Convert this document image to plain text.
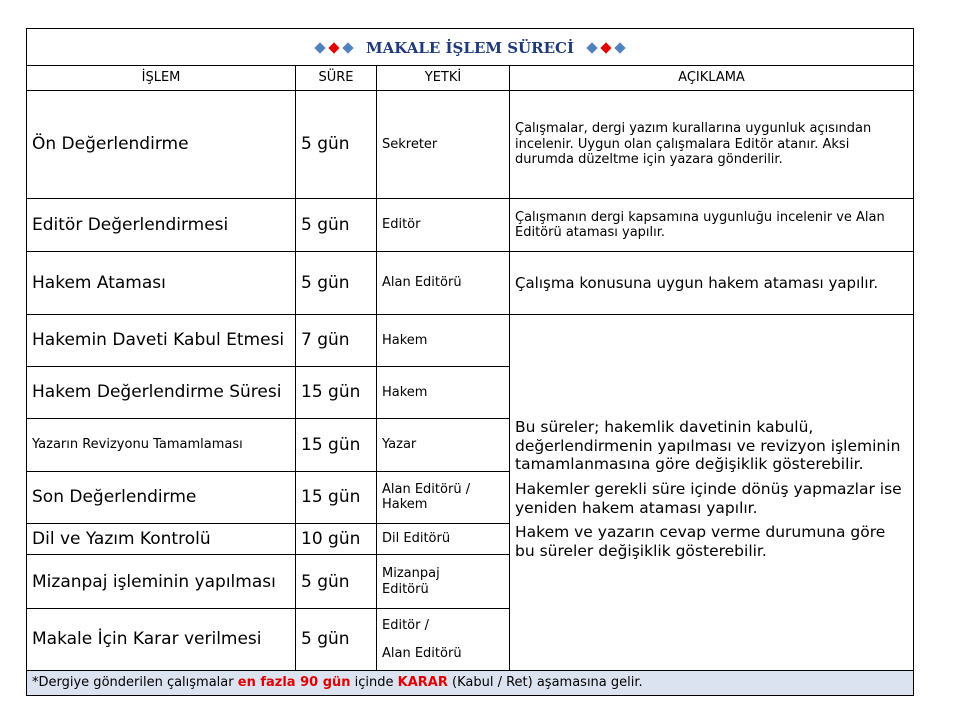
MAKALE İŞLEM SÜRECİ			
İŞLEM	SÜRE	YETKİ	AÇIKLAMA
Ön Değerlendirme	5 gün	Sekreter	Çalışmalar, dergi yazım kurallarına uygunluk açısından incelenir. Uygun olan çalışmalara Editör atanır. Aksi durumda düzeltme için yazara gönderilir.
Editör Değerlendirmesi	5 gün	Editör	Çalışmanın dergi kapsamına uygunluğu incelenir ve Alan Editörü ataması yapılır.
Hakem Ataması	5 gün	Alan Editörü	Çalışma konusuna uygun hakem ataması yapılır.
Hakemin Daveti Kabul Etmesi	7 gün	Hakem	Bu süreler; hakemlik davetinin kabulü, değerlendirmenin yapılması ve revizyon işleminin tamamlanmasına göre değişiklik gösterebilir.

Hakemler gerekli süre içinde dönüş yapmazlar ise yeniden hakem ataması yapılır.

Hakem ve yazarın cevap verme durumuna göre bu süreler değişiklik gösterebilir.

Hakem Değerlendirme Süresi	15 gün	Hakem	
Yazarın Revizyonu Tamamlaması	15 gün	Yazar	
Son Değerlendirme	15 gün	Alan Editörü /
Hakem	
Dil ve Yazım Kontrolü	10 gün	Dil Editörü	
Mizanpaj işleminin yapılması	5 gün	Mizanpaj
Editörü	
Makale İçin Karar verilmesi	5 gün	Editör /
Alan Editörü	
*Dergiye gönderilen çalışmalar en fazla 90 gün içinde KARAR (Kabul / Ret) aşamasına gelir.			
